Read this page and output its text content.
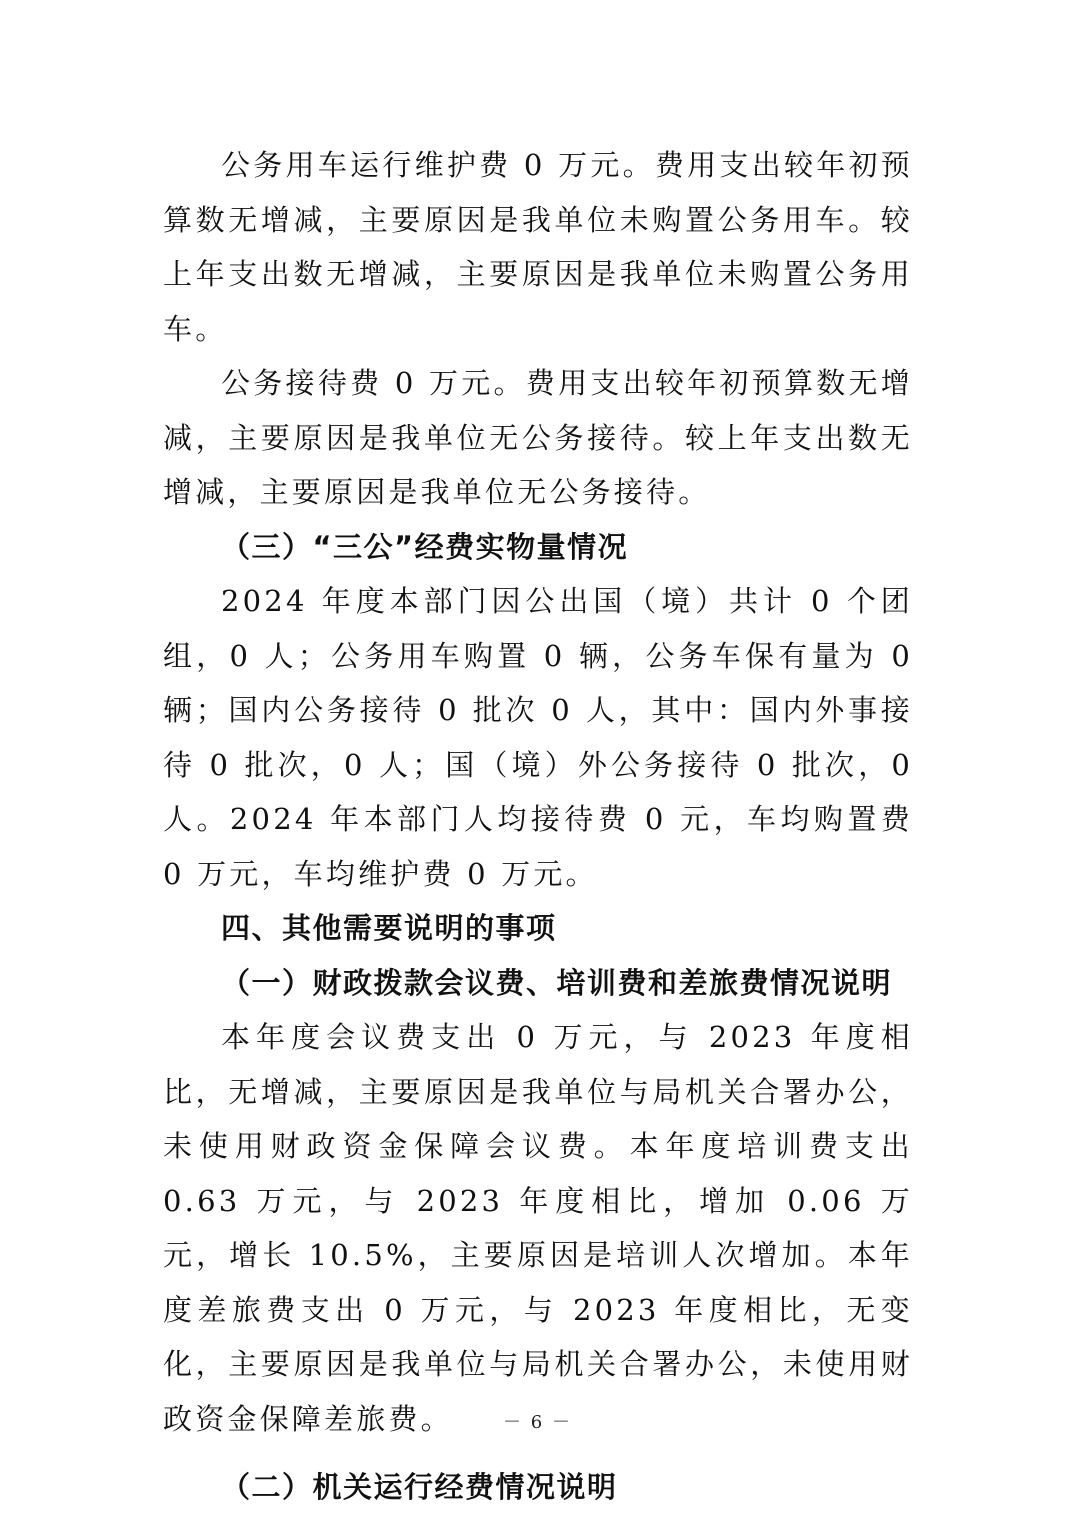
公务用车运行维护费 0 万元。费用支出较年初预算数无增减，主要原因是我单位未购置公务用车。较上年支出数无增减，主要原因是我单位未购置公务用车。

公务接待费 0 万元。费用支出较年初预算数无增减，主要原因是我单位无公务接待。较上年支出数无增减，主要原因是我单位无公务接待。

（三）“三公”经费实物量情况

2024 年度本部门因公出国（境）共计 0 个团组，0 人；公务用车购置 0 辆，公务车保有量为 0 辆；国内公务接待 0 批次 0 人，其中：国内外事接待 0 批次，0 人；国（境）外公务接待 0 批次，0 人。2024 年本部门人均接待费 0 元，车均购置费 0 万元，车均维护费 0 万元。

四、其他需要说明的事项

（一）财政拨款会议费、培训费和差旅费情况说明

本年度会议费支出 0 万元，与 2023 年度相比，无增减，主要原因是我单位与局机关合署办公，未使用财政资金保障会议费。本年度培训费支出 0.63 万元，与 2023 年度相比，增加 0.06 万元，增长 10.5%，主要原因是培训人次增加。本年度差旅费支出 0 万元，与 2023 年度相比，无变化，主要原因是我单位与局机关合署办公，未使用财政资金保障差旅费。

（二）机关运行经费情况说明

－ 6 －
